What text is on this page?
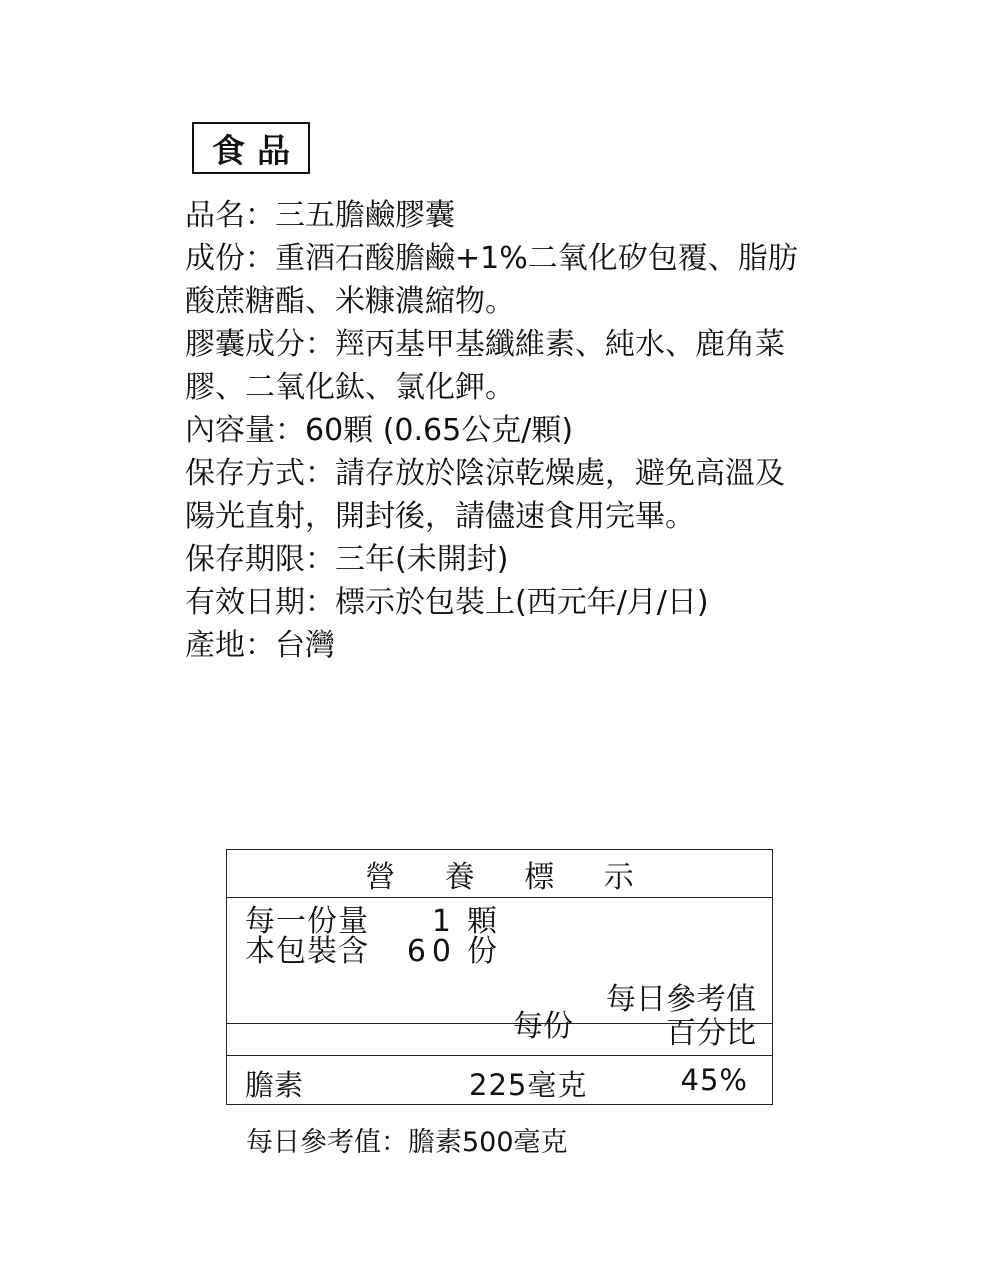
食品
品名：三五膽鹼膠囊
成份：重酒石酸膽鹼+1%二氧化矽包覆、脂肪
酸蔗糖酯、米糠濃縮物。
膠囊成分：羥丙基甲基纖維素、純水、鹿角菜
膠、二氧化鈦、氯化鉀。
內容量：60顆 (0.65公克/顆)
保存方式：請存放於陰涼乾燥處，避免高溫及
陽光直射，開封後，請儘速食用完畢。
保存期限：三年(未開封)
有效日期：標示於包裝上(西元年/月/日)
產地：台灣
營 養 標 示
每一份量 1 顆
本包裝含 60 份
每份
每日參考值
百分比
膽素	225毫克	45%
每日參考值：膽素500毫克
